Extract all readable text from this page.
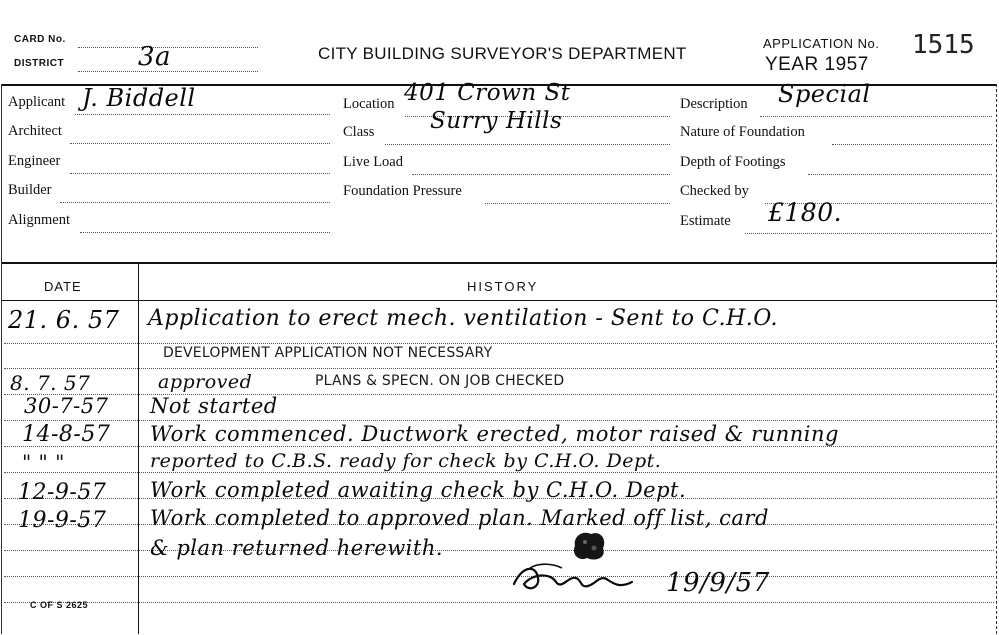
CARD No.
DISTRICT	3a	CITY BUILDING SURVEYOR'S DEPARTMENT
APPLICATION No.
YEAR 1957
1515
Applicant J. Biddell
Architect
Engineer
Builder
Alignment
Location 401 Crown St
Class Surry Hills
Live Load
Foundation Pressure
Description Special
Nature of Foundation
Depth of Footings
Checked by
Estimate £180.
DATE	HISTORY
21. 6. 57 Application to erect mech. ventilation - Sent to C.H.O.
DEVELOPMENT APPLICATION NOT NECESSARY
8. 7. 57	approved	PLANS & SPECN. ON JOB CHECKED
30-7-57 Not started
14-8-57 Work commenced. Ductwork erected, motor raised & running
" " "	reported to C.B.S. ready for check by C.H.O. Dept.
12-9-57 Work completed awaiting check by C.H.O. Dept.
19-9-57 Work completed to approved plan. Marked off list, card
& plan returned herewith.
19/9/57
C OF S 2625
